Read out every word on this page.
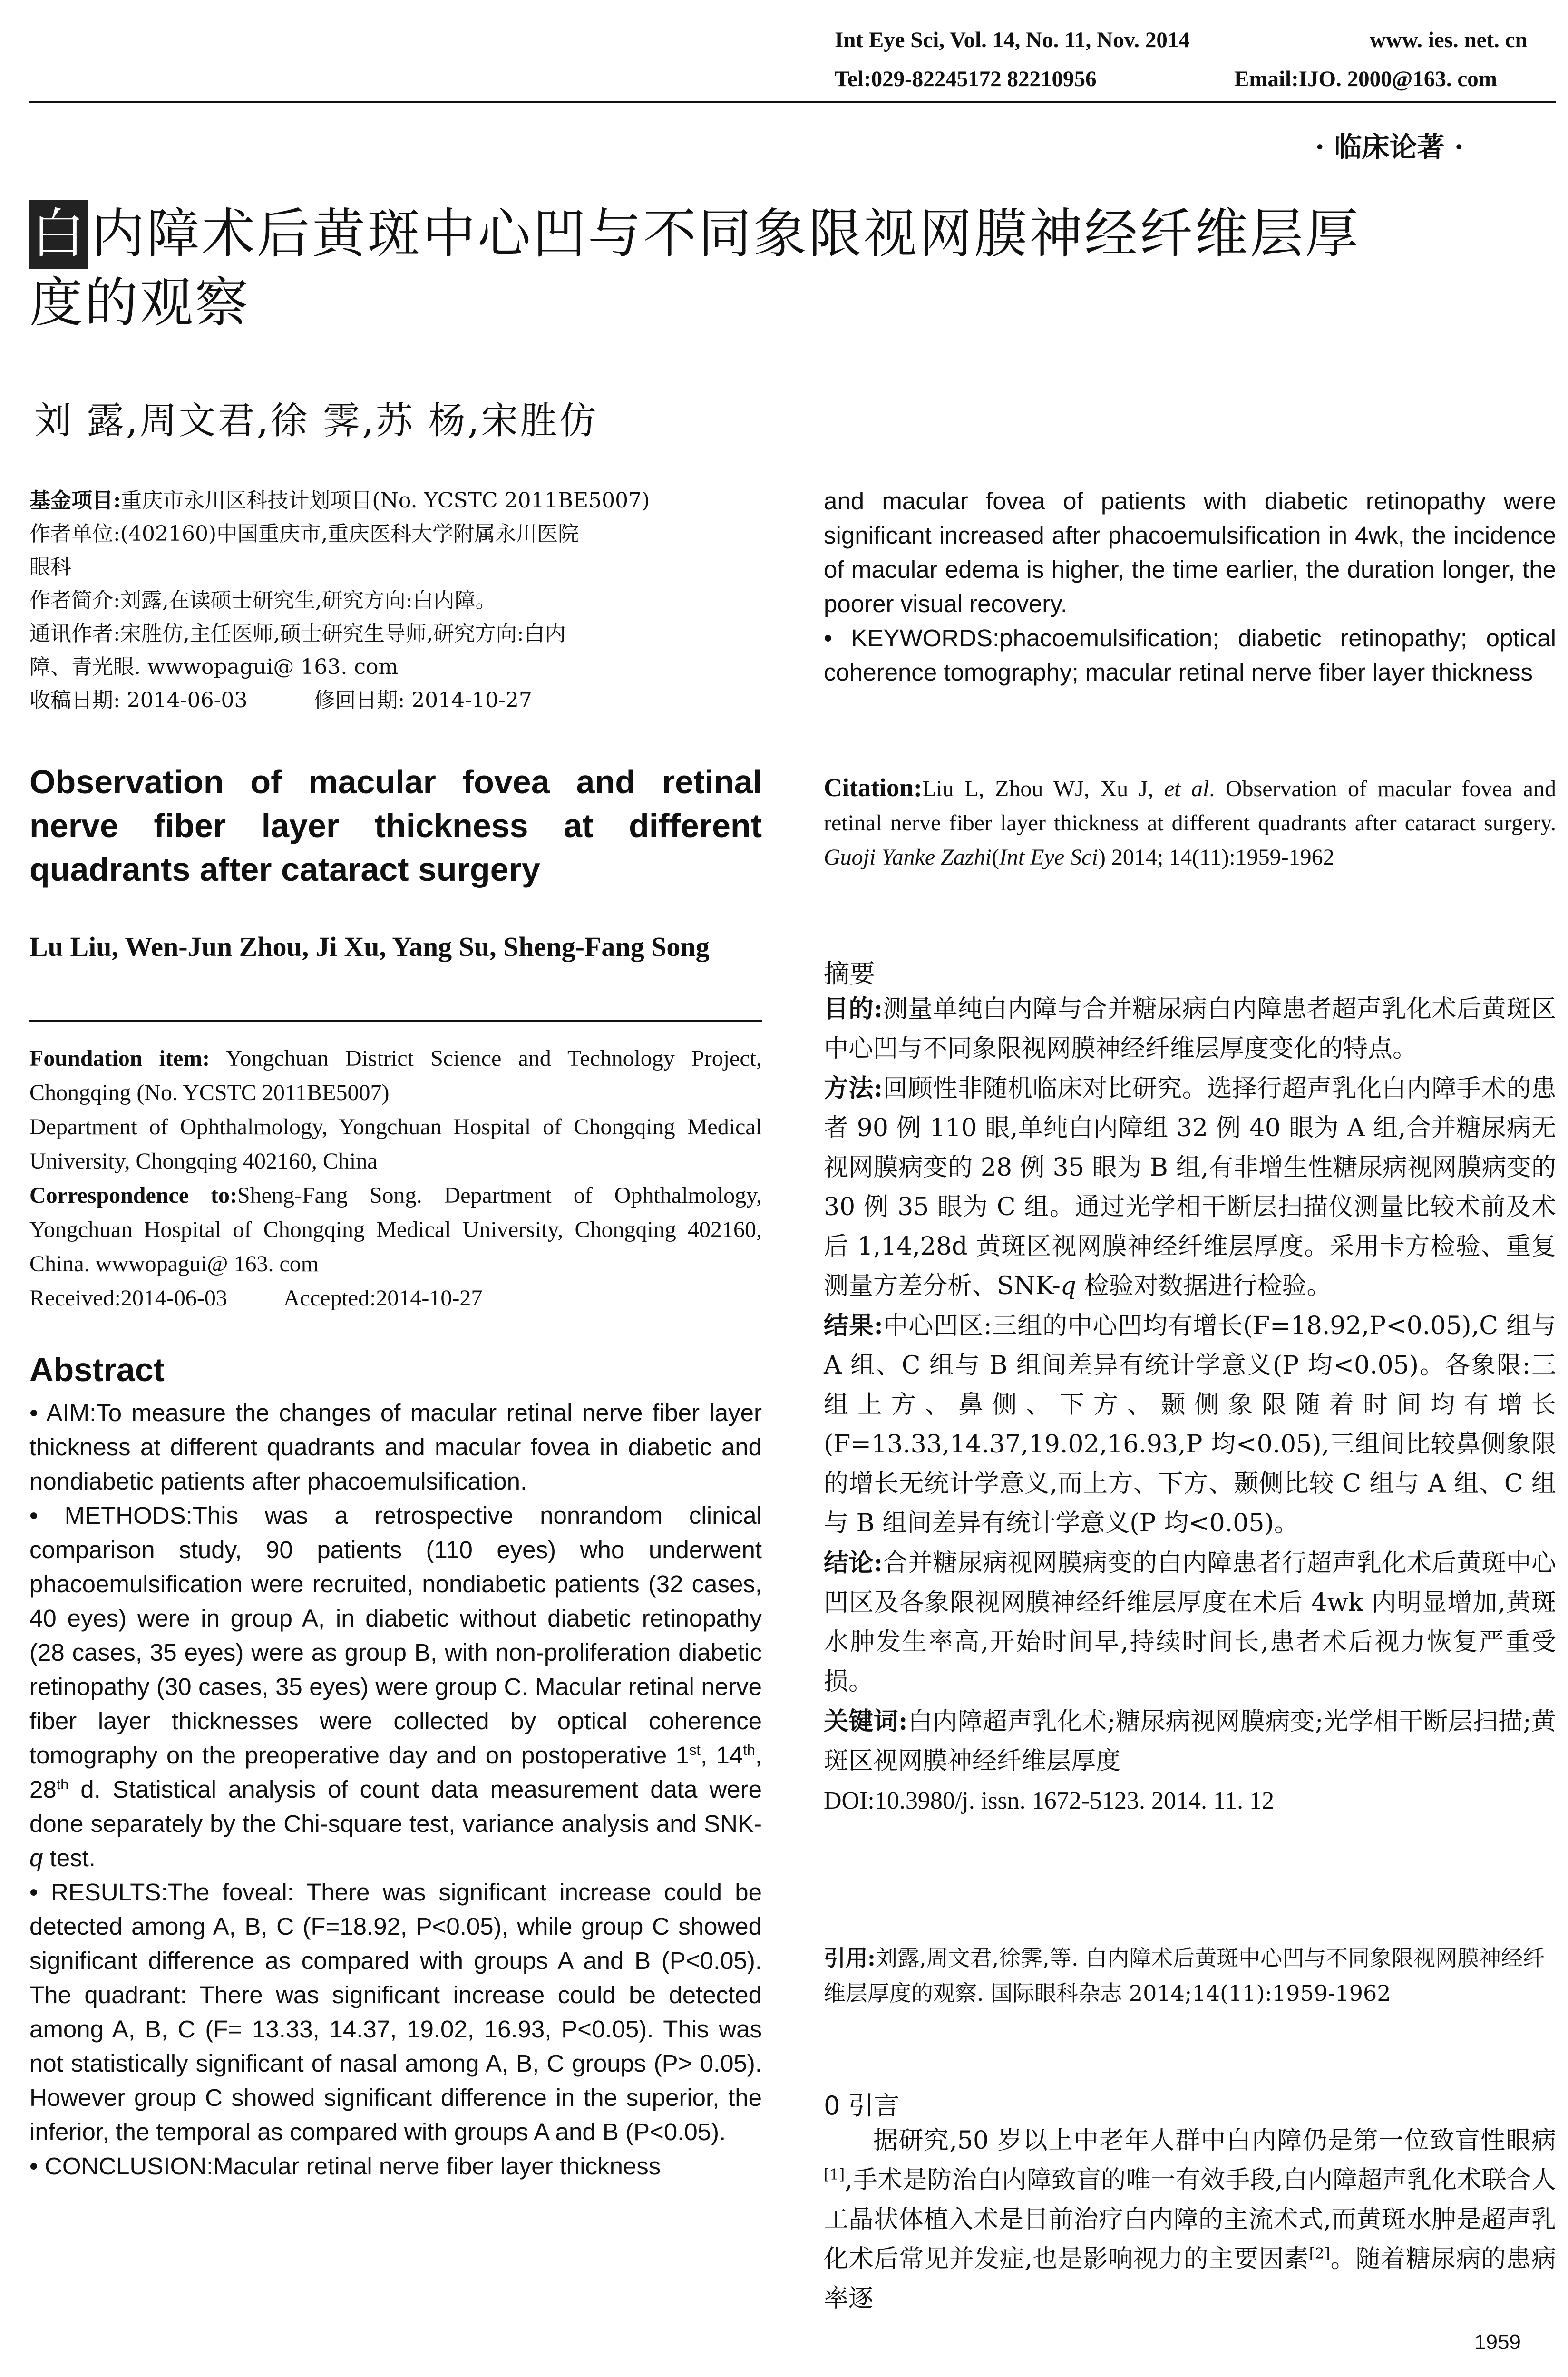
Int Eye Sci, Vol. 14, No. 11, Nov. 2014	www. ies. net. cn
Tel:029-82245172 82210956	Email:IJO. 2000@163. com
· 临床论著 ·
白内障术后黄斑中心凹与不同象限视网膜神经纤维层厚
度的观察
刘 露,周文君,徐 霁,苏 杨,宋胜仿

基金项目:重庆市永川区科技计划项目(No. YCSTC 2011BE5007)

作者单位:(402160)中国重庆市,重庆医科大学附属永川医院

眼科

作者简介:刘露,在读硕士研究生,研究方向:白内障。

通讯作者:宋胜仿,主任医师,硕士研究生导师,研究方向:白内

障、青光眼. wwwopagui@ 163. com

收稿日期: 2014-06-03          修回日期: 2014-10-27

Observation of macular fovea and retinal nerve fiber layer thickness at different quadrants after cataract surgery
Lu Liu, Wen-Jun Zhou, Ji Xu, Yang Su, Sheng-Fang Song

Foundation item: Yongchuan District Science and Technology Project, Chongqing (No. YCSTC 2011BE5007)

Department of Ophthalmology, Yongchuan Hospital of Chongqing Medical University, Chongqing 402160, China

Correspondence to:Sheng-Fang Song. Department of Ophthalmology, Yongchuan Hospital of Chongqing Medical University, Chongqing 402160, China. wwwopagui@ 163. com

Received:2014-06-03 Accepted:2014-10-27

Abstract

• AIM:To measure the changes of macular retinal nerve fiber layer thickness at different quadrants and macular fovea in diabetic and nondiabetic patients after phacoemulsification.

• METHODS:This was a retrospective nonrandom clinical comparison study, 90 patients (110 eyes) who underwent phacoemulsification were recruited, nondiabetic patients (32 cases, 40 eyes) were in group A, in diabetic without diabetic retinopathy (28 cases, 35 eyes) were as group B, with non-proliferation diabetic retinopathy (30 cases, 35 eyes) were group C. Macular retinal nerve fiber layer thicknesses were collected by optical coherence tomography on the preoperative day and on postoperative 1st, 14th, 28th d. Statistical analysis of count data measurement data were done separately by the Chi-square test, variance analysis and SNK-q test.

• RESULTS:The foveal: There was significant increase could be detected among A, B, C (F=18.92, P<0.05), while group C showed significant difference as compared with groups A and B (P<0.05). The quadrant: There was significant increase could be detected among A, B, C (F= 13.33, 14.37, 19.02, 16.93, P<0.05). This was not statistically significant of nasal among A, B, C groups (P> 0.05). However group C showed significant difference in the superior, the inferior, the temporal as compared with groups A and B (P<0.05).

• CONCLUSION:Macular retinal nerve fiber layer thickness

and macular fovea of patients with diabetic retinopathy were significant increased after phacoemulsification in 4wk, the incidence of macular edema is higher, the time earlier, the duration longer, the poorer visual recovery.

• KEYWORDS:phacoemulsification; diabetic retinopathy; optical coherence tomography; macular retinal nerve fiber layer thickness

Citation:Liu L, Zhou WJ, Xu J, et al. Observation of macular fovea and retinal nerve fiber layer thickness at different quadrants after cataract surgery. Guoji Yanke Zazhi(Int Eye Sci) 2014; 14(11):1959-1962
摘要

目的:测量单纯白内障与合并糖尿病白内障患者超声乳化术后黄斑区中心凹与不同象限视网膜神经纤维层厚度变化的特点。

方法:回顾性非随机临床对比研究。选择行超声乳化白内障手术的患者 90 例 110 眼,单纯白内障组 32 例 40 眼为 A 组,合并糖尿病无视网膜病变的 28 例 35 眼为 B 组,有非增生性糖尿病视网膜病变的 30 例 35 眼为 C 组。通过光学相干断层扫描仪测量比较术前及术后 1,14,28d 黄斑区视网膜神经纤维层厚度。采用卡方检验、重复测量方差分析、SNK-q 检验对数据进行检验。

结果:中心凹区:三组的中心凹均有增长(F=18.92,P<0.05),C 组与 A 组、C 组与 B 组间差异有统计学意义(P 均<0.05)。各象限:三组上方、鼻侧、下方、颞侧象限随着时间均有增长(F=13.33,14.37,19.02,16.93,P 均<0.05),三组间比较鼻侧象限的增长无统计学意义,而上方、下方、颞侧比较 C 组与 A 组、C 组与 B 组间差异有统计学意义(P 均<0.05)。

结论:合并糖尿病视网膜病变的白内障患者行超声乳化术后黄斑中心凹区及各象限视网膜神经纤维层厚度在术后 4wk 内明显增加,黄斑水肿发生率高,开始时间早,持续时间长,患者术后视力恢复严重受损。

关键词:白内障超声乳化术;糖尿病视网膜病变;光学相干断层扫描;黄斑区视网膜神经纤维层厚度

DOI:10.3980/j. issn. 1672-5123. 2014. 11. 12

引用:刘露,周文君,徐霁,等. 白内障术后黄斑中心凹与不同象限视网膜神经纤维层厚度的观察. 国际眼科杂志 2014;14(11):1959-1962
0 引言
据研究,50 岁以上中老年人群中白内障仍是第一位致盲性眼病[1],手术是防治白内障致盲的唯一有效手段,白内障超声乳化术联合人工晶状体植入术是目前治疗白内障的主流术式,而黄斑水肿是超声乳化术后常见并发症,也是影响视力的主要因素[2]。随着糖尿病的患病率逐
1959
